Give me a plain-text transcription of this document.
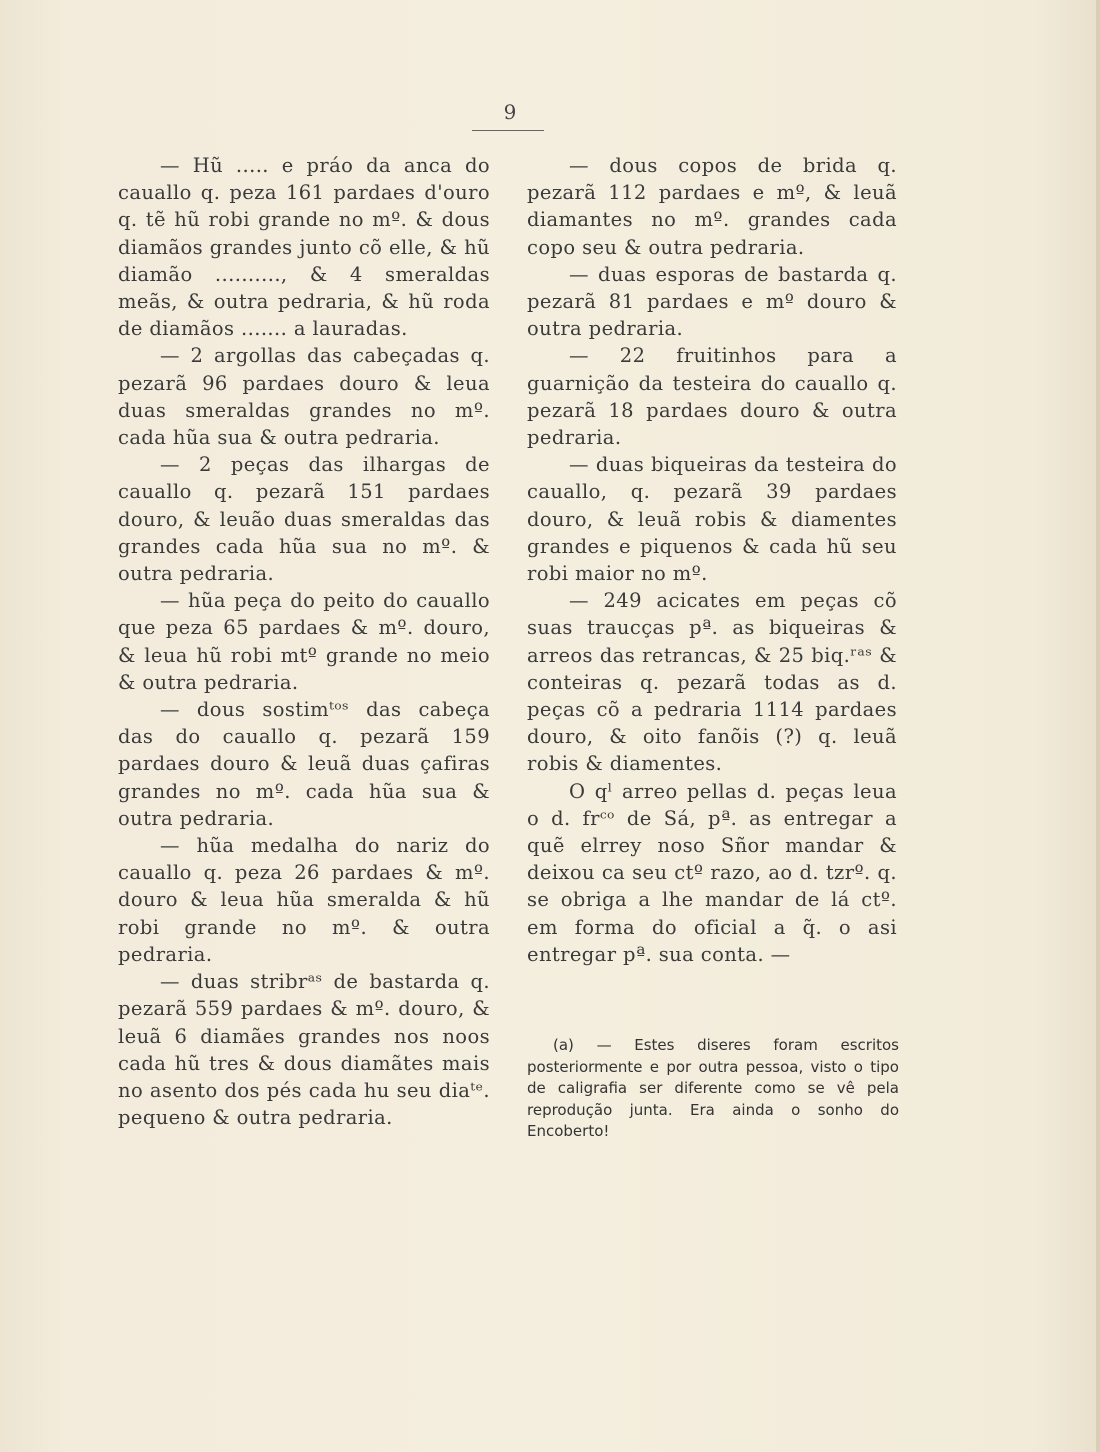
9

— Hũ ..... e práo da anca do cauallo q. peza 161 pardaes d'ouro q. tẽ hũ robi grande no mº. & dous diamãos grandes junto cõ elle, & hũ diamão .........., & 4 smeraldas meãs, & outra pedraria, & hũ roda de diamãos ....... a lauradas.

— 2 argollas das cabeçadas q. pezarã 96 pardaes douro & leua duas smeraldas grandes no mº. cada hũa sua & outra pedraria.

— 2 peças das ilhargas de cauallo q. pezarã 151 pardaes douro, & leuão duas smeraldas das grandes cada hũa sua no mº. & outra pedraria.

— hũa peça do peito do cauallo que peza 65 pardaes & mº. douro, & leua hũ robi mtº grande no meio & outra pedraria.

— dous sostimᵗᵒˢ das cabeça das do cauallo q. pezarã 159 pardaes douro & leuã duas çafiras grandes no mº. cada hũa sua & outra pedraria.

— hũa medalha do nariz do cauallo q. peza 26 pardaes & mº. douro & leua hũa smeralda & hũ robi grande no mº. & outra pedraria.

— duas stribrᵃˢ de bastarda q. pezarã 559 pardaes & mº. douro, & leuã 6 diamães grandes nos noos cada hũ tres & dous diamãtes mais no asento dos pés cada hu seu diaᵗᵉ. pequeno & outra pedraria.

— dous copos de brida q. pezarã 112 pardaes e mº, & leuã diamantes no mº. grandes cada copo seu & outra pedraria.

— duas esporas de bastarda q. pezarã 81 pardaes e mº douro & outra pedraria.

— 22 fruitinhos para a guarnição da testeira do cauallo q. pezarã 18 pardaes douro & outra pedraria.

— duas biqueiras da testeira do cauallo, q. pezarã 39 pardaes douro, & leuã robis & diamentes grandes e piquenos & cada hũ seu robi maior no mº.

— 249 acicates em peças cõ suas traucças pª. as biqueiras & arreos das retrancas, & 25 biq.ʳᵃˢ & conteiras q. pezarã todas as d. peças cõ a pedraria 1114 pardaes douro, & oito fanõis (?) q. leuã robis & diamentes.

O qˡ arreo pellas d. peças leua o d. frᶜᵒ de Sá, pª. as entregar a quẽ elrrey noso Sñor mandar & deixou ca seu ctº razo, ao d. tzrº. q. se obriga a lhe mandar de lá ctº. em forma do oficial a q̃. o asi entregar pª. sua conta. —

(a) — Estes diseres foram escritos posteriormente e por outra pessoa, visto o tipo de caligrafia ser diferente como se vê pela reprodução junta. Era ainda o sonho do Encoberto!
